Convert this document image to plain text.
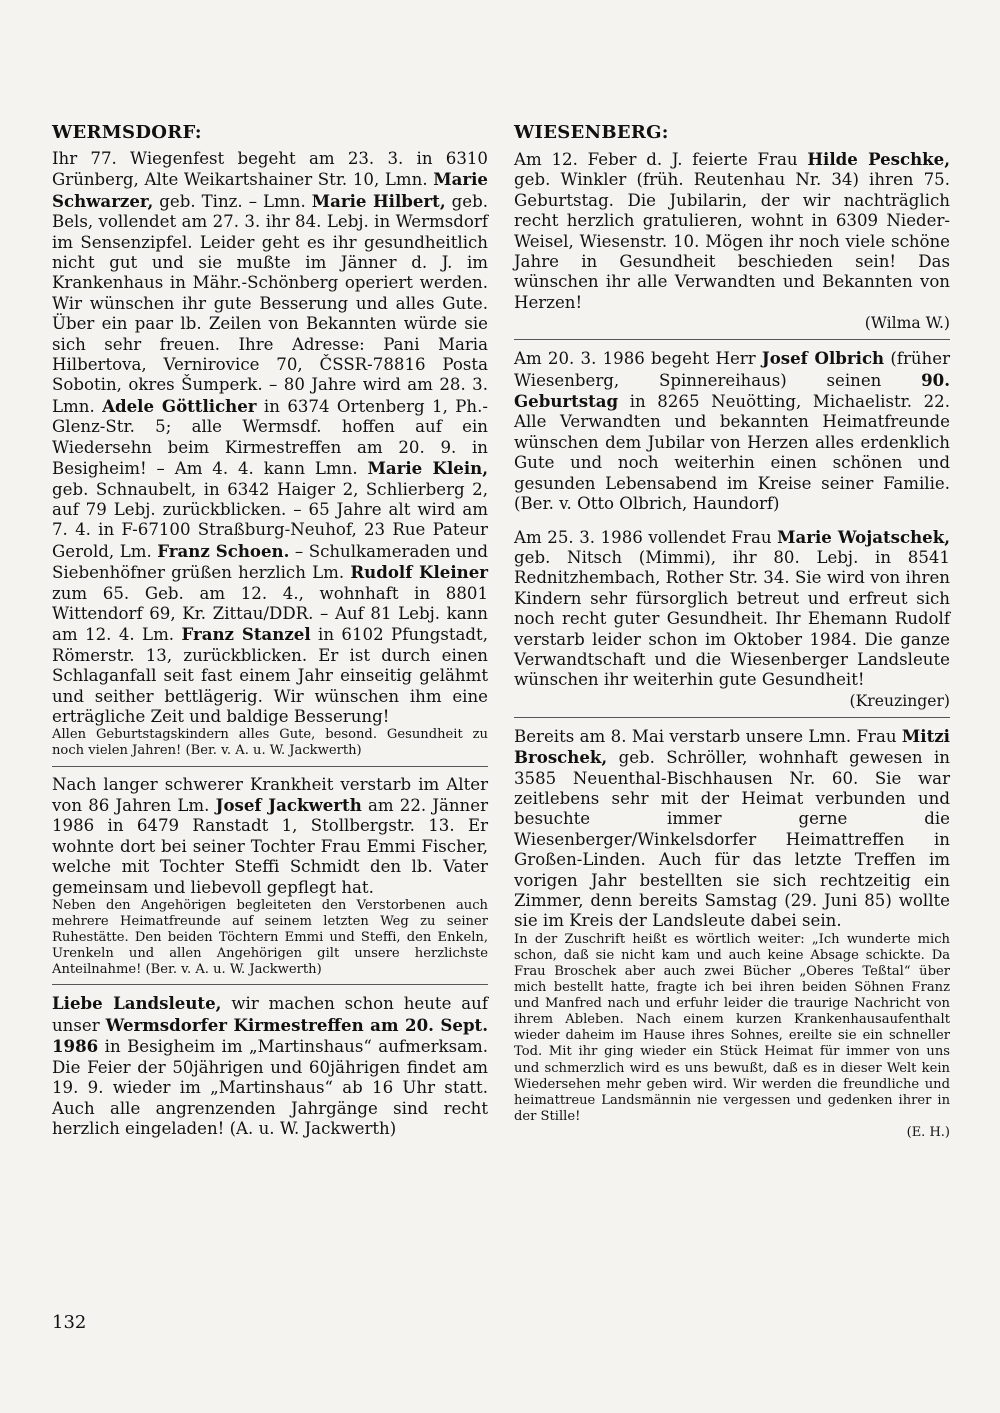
WERMSDORF:

Ihr 77. Wiegenfest begeht am 23. 3. in 6310 Grünberg, Alte Weikartshainer Str. 10, Lmn. Marie Schwarzer, geb. Tinz. – Lmn. Marie Hilbert, geb. Bels, vollendet am 27. 3. ihr 84. Lebj. in Wermsdorf im Sensenzipfel. Leider geht es ihr gesundheitlich nicht gut und sie mußte im Jänner d. J. im Krankenhaus in Mähr.-Schönberg operiert werden. Wir wünschen ihr gute Besserung und alles Gute. Über ein paar lb. Zeilen von Bekannten würde sie sich sehr freuen. Ihre Adresse: Pani Maria Hilbertova, Vernirovice 70, ČSSR-78816 Posta Sobotin, okres Šumperk. – 80 Jahre wird am 28. 3. Lmn. Adele Göttlicher in 6374 Ortenberg 1, Ph.-Glenz-Str. 5; alle Wermsdf. hoffen auf ein Wiedersehn beim Kirmestreffen am 20. 9. in Besigheim! – Am 4. 4. kann Lmn. Marie Klein, geb. Schnaubelt, in 6342 Haiger 2, Schlierberg 2, auf 79 Lebj. zurückblicken. – 65 Jahre alt wird am 7. 4. in F-67100 Straßburg-Neuhof, 23 Rue Pateur Gerold, Lm. Franz Schoen. – Schulkameraden und Siebenhöfner grüßen herzlich Lm. Rudolf Kleiner zum 65. Geb. am 12. 4., wohnhaft in 8801 Wittendorf 69, Kr. Zittau/DDR. – Auf 81 Lebj. kann am 12. 4. Lm. Franz Stanzel in 6102 Pfungstadt, Römerstr. 13, zurückblicken. Er ist durch einen Schlaganfall seit fast einem Jahr einseitig gelähmt und seither bettlägerig. Wir wünschen ihm eine erträgliche Zeit und baldige Besserung!

Allen Geburtstagskindern alles Gute, besond. Gesundheit zu noch vielen Jahren! (Ber. v. A. u. W. Jackwerth)

Nach langer schwerer Krankheit verstarb im Alter von 86 Jahren Lm. Josef Jackwerth am 22. Jänner 1986 in 6479 Ranstadt 1, Stollbergstr. 13. Er wohnte dort bei seiner Tochter Frau Emmi Fischer, welche mit Tochter Steffi Schmidt den lb. Vater gemeinsam und liebevoll gepflegt hat.

Neben den Angehörigen begleiteten den Verstorbenen auch mehrere Heimatfreunde auf seinem letzten Weg zu seiner Ruhestätte. Den beiden Töchtern Emmi und Steffi, den Enkeln, Urenkeln und allen Angehörigen gilt unsere herzlichste Anteilnahme! (Ber. v. A. u. W. Jackwerth)

Liebe Landsleute, wir machen schon heute auf unser Wermsdorfer Kirmestreffen am 20. Sept. 1986 in Besigheim im „Martinshaus“ aufmerksam. Die Feier der 50jährigen und 60jährigen findet am 19. 9. wieder im „Martinshaus“ ab 16 Uhr statt. Auch alle angrenzenden Jahrgänge sind recht herzlich eingeladen! (A. u. W. Jackwerth)

WIESENBERG:

Am 12. Feber d. J. feierte Frau Hilde Peschke, geb. Winkler (früh. Reutenhau Nr. 34) ihren 75. Geburtstag. Die Jubilarin, der wir nachträglich recht herzlich gratulieren, wohnt in 6309 Nieder-Weisel, Wiesenstr. 10. Mögen ihr noch viele schöne Jahre in Gesundheit beschieden sein! Das wünschen ihr alle Verwandten und Bekannten von Herzen!

(Wilma W.)

Am 20. 3. 1986 begeht Herr Josef Olbrich (früher Wiesenberg, Spinnereihaus) seinen 90. Geburtstag in 8265 Neuötting, Michaelistr. 22. Alle Verwandten und bekannten Heimatfreunde wünschen dem Jubilar von Herzen alles erdenklich Gute und noch weiterhin einen schönen und gesunden Lebensabend im Kreise seiner Familie. (Ber. v. Otto Olbrich, Haundorf)

Am 25. 3. 1986 vollendet Frau Marie Wojatschek, geb. Nitsch (Mimmi), ihr 80. Lebj. in 8541 Rednitzhembach, Rother Str. 34. Sie wird von ihren Kindern sehr fürsorglich betreut und erfreut sich noch recht guter Gesundheit. Ihr Ehemann Rudolf verstarb leider schon im Oktober 1984. Die ganze Verwandtschaft und die Wiesenberger Landsleute wünschen ihr weiterhin gute Gesundheit!

(Kreuzinger)

Bereits am 8. Mai verstarb unsere Lmn. Frau Mitzi Broschek, geb. Schröller, wohnhaft gewesen in 3585 Neuenthal-Bischhausen Nr. 60. Sie war zeitlebens sehr mit der Heimat verbunden und besuchte immer gerne die Wiesenberger/Winkelsdorfer Heimattreffen in Großen-Linden. Auch für das letzte Treffen im vorigen Jahr bestellten sie sich rechtzeitig ein Zimmer, denn bereits Samstag (29. Juni 85) wollte sie im Kreis der Landsleute dabei sein.

In der Zuschrift heißt es wörtlich weiter: „Ich wunderte mich schon, daß sie nicht kam und auch keine Absage schickte. Da Frau Broschek aber auch zwei Bücher „Oberes Teßtal“ über mich bestellt hatte, fragte ich bei ihren beiden Söhnen Franz und Manfred nach und erfuhr leider die traurige Nachricht von ihrem Ableben. Nach einem kurzen Krankenhausaufenthalt wieder daheim im Hause ihres Sohnes, ereilte sie ein schneller Tod. Mit ihr ging wieder ein Stück Heimat für immer von uns und schmerzlich wird es uns bewußt, daß es in dieser Welt kein Wiedersehen mehr geben wird. Wir werden die freundliche und heimattreue Landsmännin nie vergessen und gedenken ihrer in der Stille!

(E. H.)
132
